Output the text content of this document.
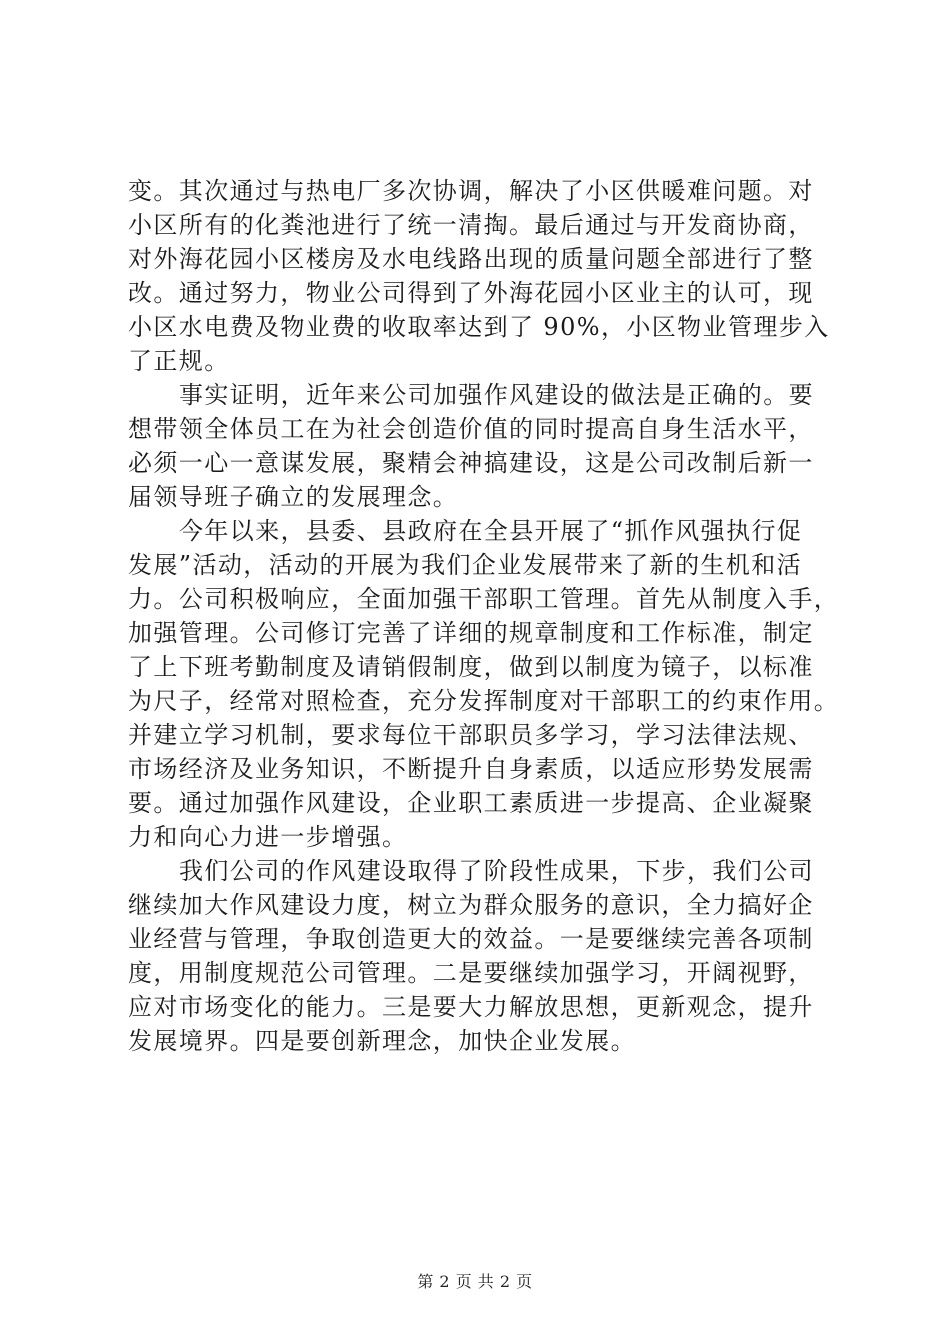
变。其次通过与热电厂多次协调，解决了小区供暖难问题。对
小区所有的化粪池进行了统一清掏。最后通过与开发商协商，
对外海花园小区楼房及水电线路出现的质量问题全部进行了整
改。通过努力，物业公司得到了外海花园小区业主的认可，现
小区水电费及物业费的收取率达到了 90%，小区物业管理步入
了正规。
事实证明，近年来公司加强作风建设的做法是正确的。要
想带领全体员工在为社会创造价值的同时提高自身生活水平，
必须一心一意谋发展，聚精会神搞建设，这是公司改制后新一
届领导班子确立的发展理念。
今年以来，县委、县政府在全县开展了“抓作风强执行促
发展”活动，活动的开展为我们企业发展带来了新的生机和活
力。公司积极响应，全面加强干部职工管理。首先从制度入手，
加强管理。公司修订完善了详细的规章制度和工作标准，制定
了上下班考勤制度及请销假制度，做到以制度为镜子，以标准
为尺子，经常对照检查，充分发挥制度对干部职工的约束作用。
并建立学习机制，要求每位干部职员多学习，学习法律法规、
市场经济及业务知识，不断提升自身素质，以适应形势发展需
要。通过加强作风建设，企业职工素质进一步提高、企业凝聚
力和向心力进一步增强。
我们公司的作风建设取得了阶段性成果，下步，我们公司
继续加大作风建设力度，树立为群众服务的意识，全力搞好企
业经营与管理，争取创造更大的效益。一是要继续完善各项制
度，用制度规范公司管理。二是要继续加强学习，开阔视野，
应对市场变化的能力。三是要大力解放思想，更新观念，提升
发展境界。四是要创新理念，加快企业发展。
第 2 页 共 2 页
